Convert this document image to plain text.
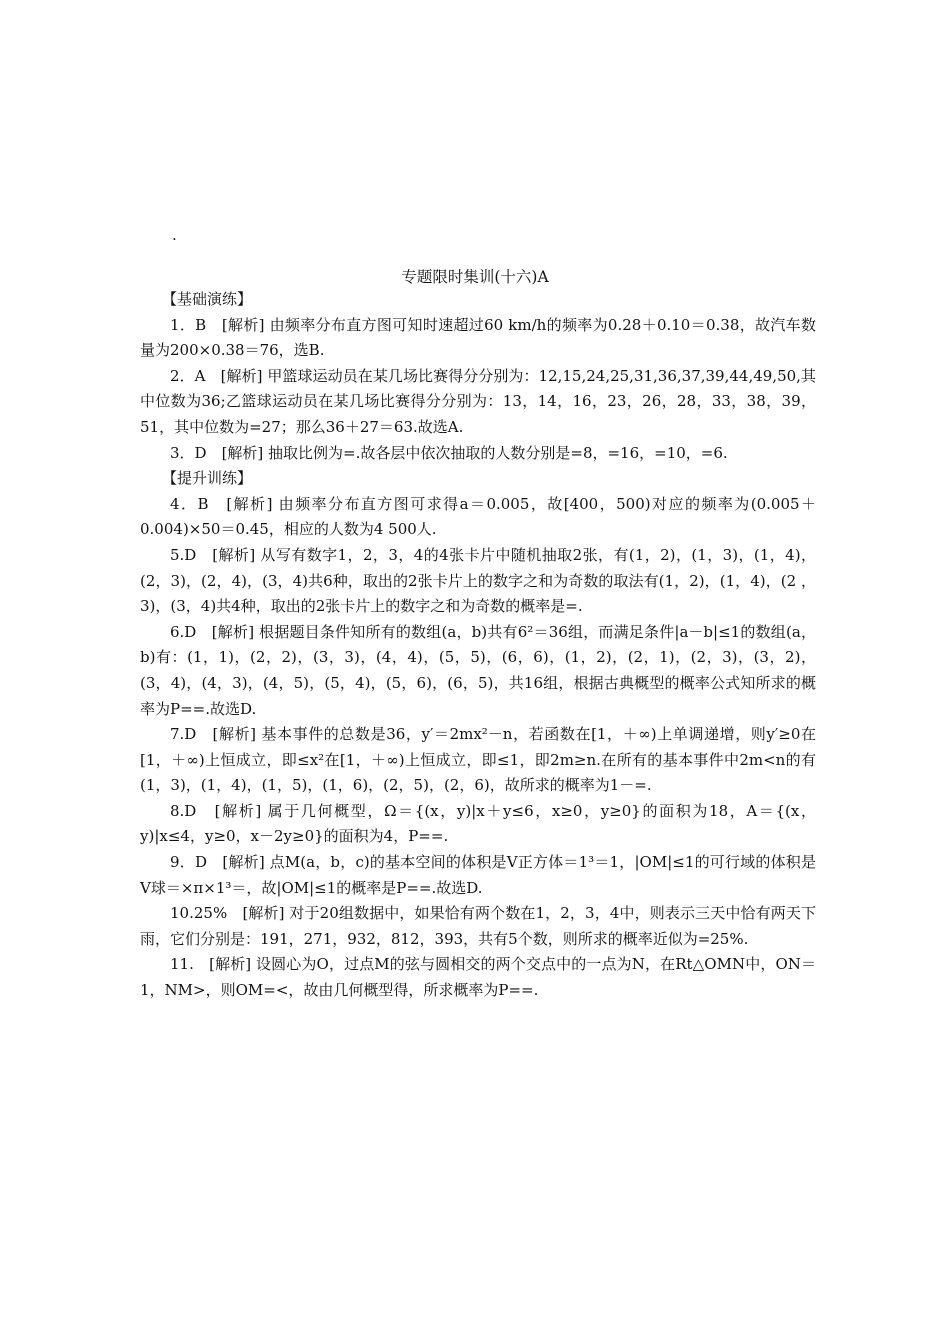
.
专题限时集训(十六)A

【基础演练】

1．B　[解析] 由频率分布直方图可知时速超过60 km/h的频率为0.28＋0.10＝0.38，故汽车数量为200×0.38＝76，选B.

2．A　[解析] 甲篮球运动员在某几场比赛得分分别为：12,15,24,25,31,36,37,39,44,49,50,其中位数为36;乙篮球运动员在某几场比赛得分分别为：13，14，16，23，26，28，33，38，39，51，其中位数为=27；那么36＋27＝63.故选A.

3．D　[解析] 抽取比例为=.故各层中依次抽取的人数分别是=8，=16，=10，=6.

【提升训练】

4．B　[解析] 由频率分布直方图可求得a＝0.005，故[400，500)对应的频率为(0.005＋0.004)×50＝0.45，相应的人数为4 500人.

5.D　[解析] 从写有数字1，2，3，4的4张卡片中随机抽取2张，有(1，2)，(1，3)，(1，4)，(2，3)，(2，4)，(3，4)共6种，取出的2张卡片上的数字之和为奇数的取法有(1，2)，(1，4)，(2 ，3)，(3，4)共4种，取出的2张卡片上的数字之和为奇数的概率是=.

6.D　[解析] 根据题目条件知所有的数组(a，b)共有6²＝36组，而满足条件|a－b|≤1的数组(a，b)有：(1，1)，(2，2)，(3，3)，(4，4)，(5，5)，(6，6)，(1，2)，(2，1)，(2，3)，(3，2)，(3，4)，(4，3)，(4，5)，(5，4)，(5，6)，(6，5)，共16组，根据古典概型的概率公式知所求的概率为P==.故选D.

7.D　[解析] 基本事件的总数是36，y′＝2mx²－n，若函数在[1，＋∞)上单调递增，则y′≥0在[1，＋∞)上恒成立，即≤x²在[1，＋∞)上恒成立，即≤1，即2m≥n.在所有的基本事件中2m<n的有(1，3)，(1，4)，(1，5)，(1，6)，(2，5)，(2，6)，故所求的概率为1－=.

8.D　[解析] 属于几何概型，Ω＝{(x，y)|x＋y≤6，x≥0，y≥0}的面积为18，A＝{(x，y)|x≤4，y≥0，x－2y≥0}的面积为4，P==.

9．D　[解析] 点M(a，b，c)的基本空间的体积是V正方体＝1³＝1，|OM|≤1的可行域的体积是V球＝×π×1³＝，故|OM|≤1的概率是P==.故选D.

10.25%　[解析] 对于20组数据中，如果恰有两个数在1，2，3，4中，则表示三天中恰有两天下雨，它们分别是：191，271，932，812，393，共有5个数，则所求的概率近似为=25%.

11.　[解析] 设圆心为O，过点M的弦与圆相交的两个交点中的一点为N，在Rt△OMN中，ON＝1，NM>，则OM=<，故由几何概型得，所求概率为P==.
